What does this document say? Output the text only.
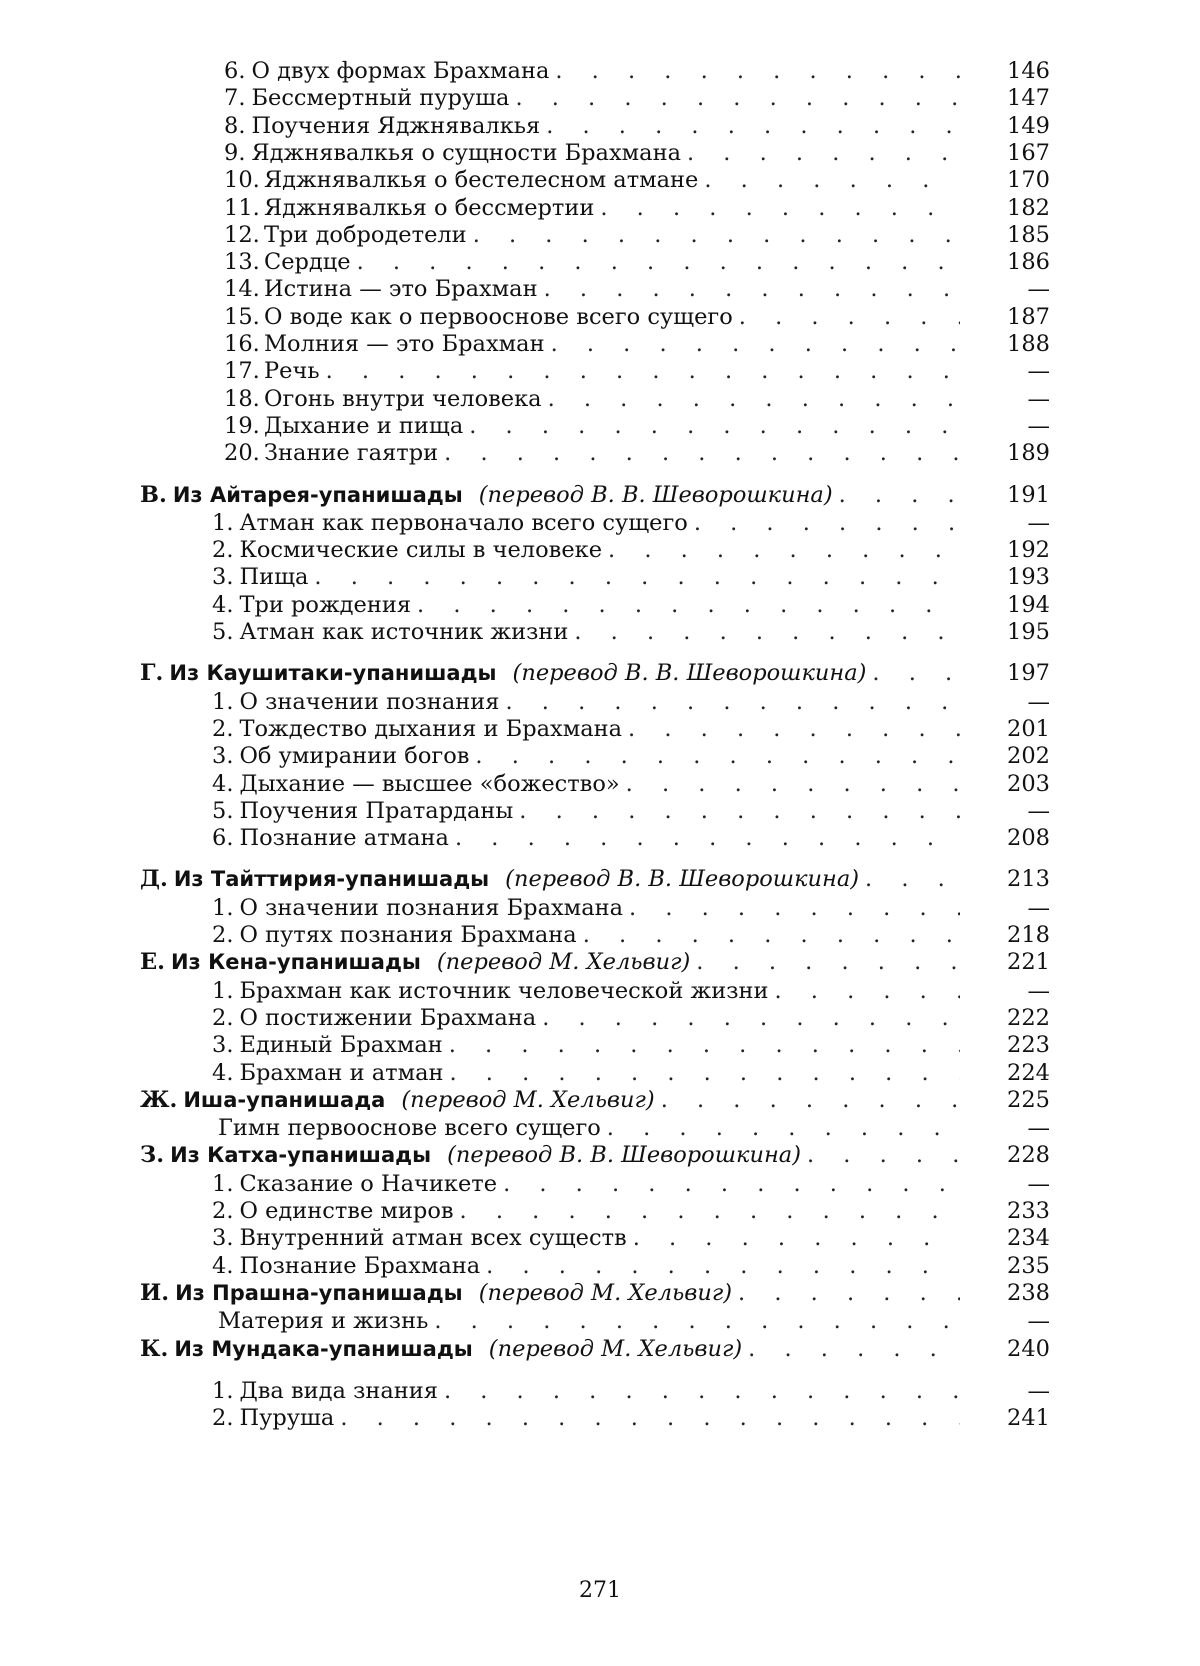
6. О двух формах Брахмана . . .	146
7. Бессмертный пуруша . . .	147
8. Поучения Яджнявалкья . . .	149
9. Яджнявалкья о сущности Брахмана . . .	167
10. Яджнявалкья о бестелесном атмане . . .	170
11. Яджнявалкья о бессмертии . . .	182
12. Три добродетели . . .	185
13. Сердце . . .	186
14. Истина — это Брахман . . .	—
15. О воде как о первооснове всего сущего . . .	187
16. Молния — это Брахман . . .	188
17. Речь . . .	—
18. Огонь внутри человека . . .	—
19. Дыхание и пища . . .	—
20. Знание гаятри . . .	189
В. Из Айтарея-упанишады (перевод В. В. Шеворошкина) . . .	191
1. Атман как первоначало всего сущего . . .	—
2. Космические силы в человеке . . .	192
3. Пища . . .	193
4. Три рождения . . .	194
5. Атман как источник жизни . . .	195
Г. Из Каушитаки-упанишады (перевод В. В. Шеворошкина) . . .	197
1. О значении познания . . .	—
2. Тождество дыхания и Брахмана . . .	201
3. Об умирании богов . . .	202
4. Дыхание — высшее «божество» . . .	203
5. Поучения Пратарданы . . .	—
6. Познание атмана . . .	208
Д. Из Тайттирия-упанишады (перевод В. В. Шеворошкина) . . .	213
1. О значении познания Брахмана . . .	—
2. О путях познания Брахмана . . .	218
Е. Из Кена-упанишады (перевод М. Хельвиг) . . .	221
1. Брахман как источник человеческой жизни . . .	—
2. О постижении Брахмана . . .	222
3. Единый Брахман . . .	223
4. Брахман и атман . . .	224
Ж. Иша-упанишада (перевод М. Хельвиг) . . .	225
Гимн первооснове всего сущего . . .	—
З. Из Катха-упанишады (перевод В. В. Шеворошкина) . . .	228
1. Сказание о Начикете . . .	—
2. О единстве миров . . .	233
3. Внутренний атман всех существ . . .	234
4. Познание Брахмана . . .	235
И. Из Прашна-упанишады (перевод М. Хельвиг) . . .	238
Материя и жизнь . . .	—
К. Из Мундака-упанишады (перевод М. Хельвиг) . . .	240
1. Два вида знания . . .	—
2. Пуруша . . .	241
271
